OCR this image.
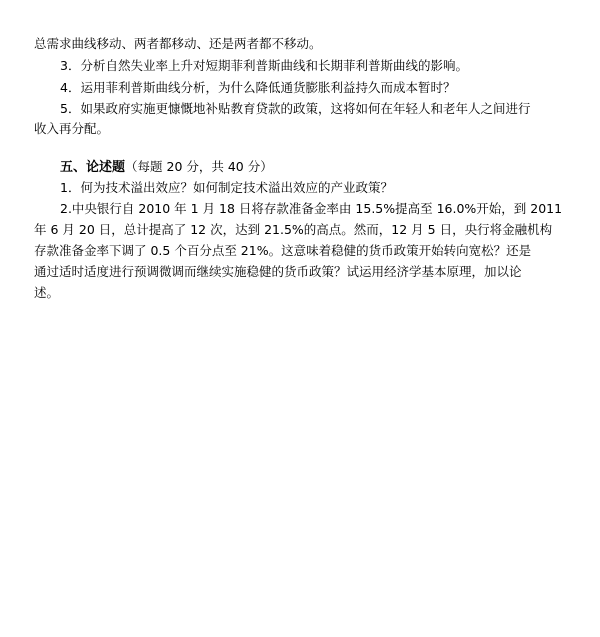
总需求曲线移动、两者都移动、还是两者都不移动。
3．分析自然失业率上升对短期菲利普斯曲线和长期菲利普斯曲线的影响。
4．运用菲利普斯曲线分析，为什么降低通货膨胀利益持久而成本暂时？
5．如果政府实施更慷慨地补贴教育贷款的政策，这将如何在年轻人和老年人之间进行
收入再分配。
五、论述题（每题 20 分，共 40 分）
1．何为技术溢出效应？如何制定技术溢出效应的产业政策？
2.中央银行自 2010 年 1 月 18 日将存款准备金率由 15.5%提高至 16.0%开始，到 2011
年 6 月 20 日，总计提高了 12 次，达到 21.5%的高点。然而，12 月 5 日，央行将金融机构
存款准备金率下调了 0.5 个百分点至 21%。这意味着稳健的货币政策开始转向宽松？还是
通过适时适度进行预调微调而继续实施稳健的货币政策？试运用经济学基本原理，加以论
述。
